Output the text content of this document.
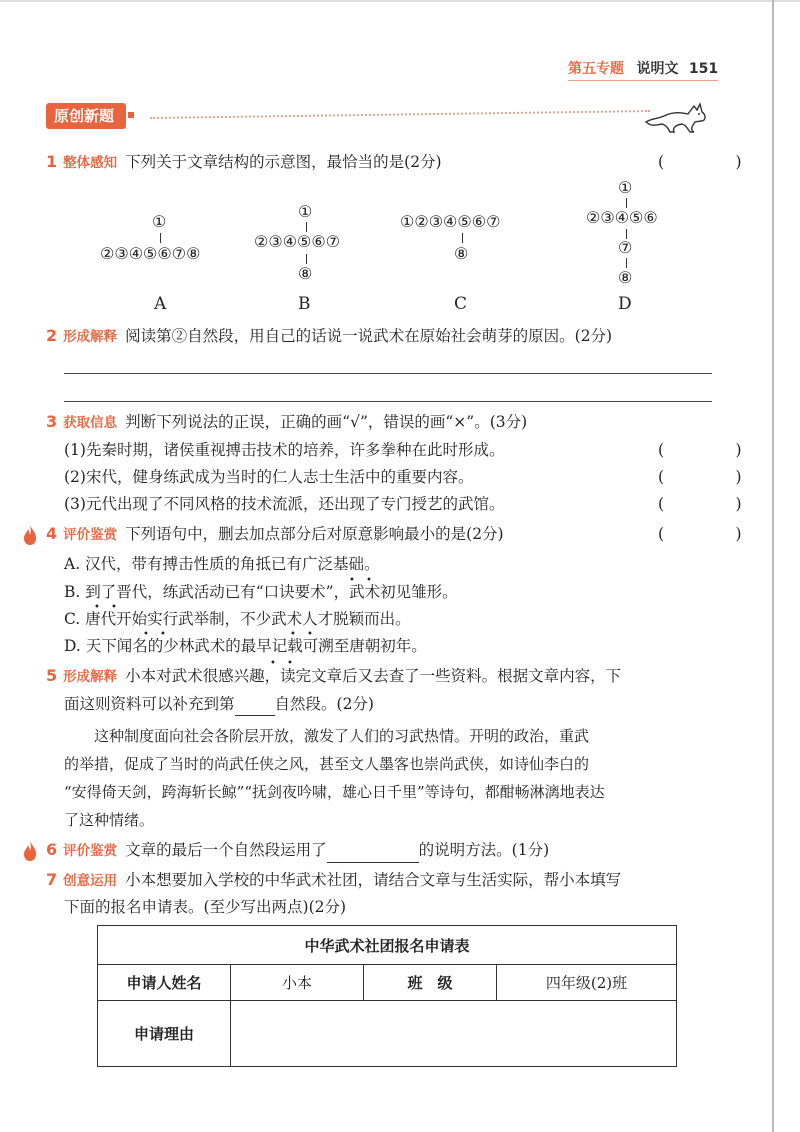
第五专题 说明文 151
原创新题
1 整体感知 下列关于文章结构的示意图，最恰当的是(2分)	(　)
①
②③④⑤⑥⑦⑧
A
①
②③④⑤⑥⑦
⑧
B
①②③④⑤⑥⑦
⑧
C
①
②③④⑤⑥
⑦
⑧
D
2 形成解释 阅读第②自然段，用自己的话说一说武术在原始社会萌芽的原因。(2分)
3 获取信息 判断下列说法的正误，正确的画“√”，错误的画“×”。(3分)
(1)先秦时期，诸侯重视搏击技术的培养，许多拳种在此时形成。	(　)
(2)宋代，健身练武成为当时的仁人志士生活中的重要内容。	(　)
(3)元代出现了不同风格的技术流派，还出现了专门授艺的武馆。	(　)
4 评价鉴赏 下列语句中，删去加点部分后对原意影响最小的是(2分)	(　)
A. 汉代，带有搏击性质的角抵已有广泛基础。
B. 到了晋代，练武活动已有“口诀要术”，武术初见雏形。
C. 唐代开始实行武举制，不少武术人才脱颖而出。
D. 天下闻名的少林武术的最早记载可溯至唐朝初年。
• •
• •
• •	• •
5 形成解释 小本对武术很感兴趣，读完文章后又去查了一些资料。根据文章内容，下
• •
面这则资料可以补充到第	自然段。(2分)
　　这种制度面向社会各阶层开放，激发了人们的习武热情。开明的政治，重武
的举措，促成了当时的尚武任侠之风，甚至文人墨客也崇尚武侠，如诗仙李白的
“安得倚天剑，跨海斩长鲸”“抚剑夜吟啸，雄心日千里”等诗句，都酣畅淋漓地表达
了这种情绪。
6 评价鉴赏 文章的最后一个自然段运用了	的说明方法。(1分)
7 创意运用 小本想要加入学校的中华武术社团，请结合文章与生活实际，帮小本填写
下面的报名申请表。(至少写出两点)(2分)
中华武术社团报名申请表			
申请人姓名	小本	班　级	四年级(2)班
申请理由			
